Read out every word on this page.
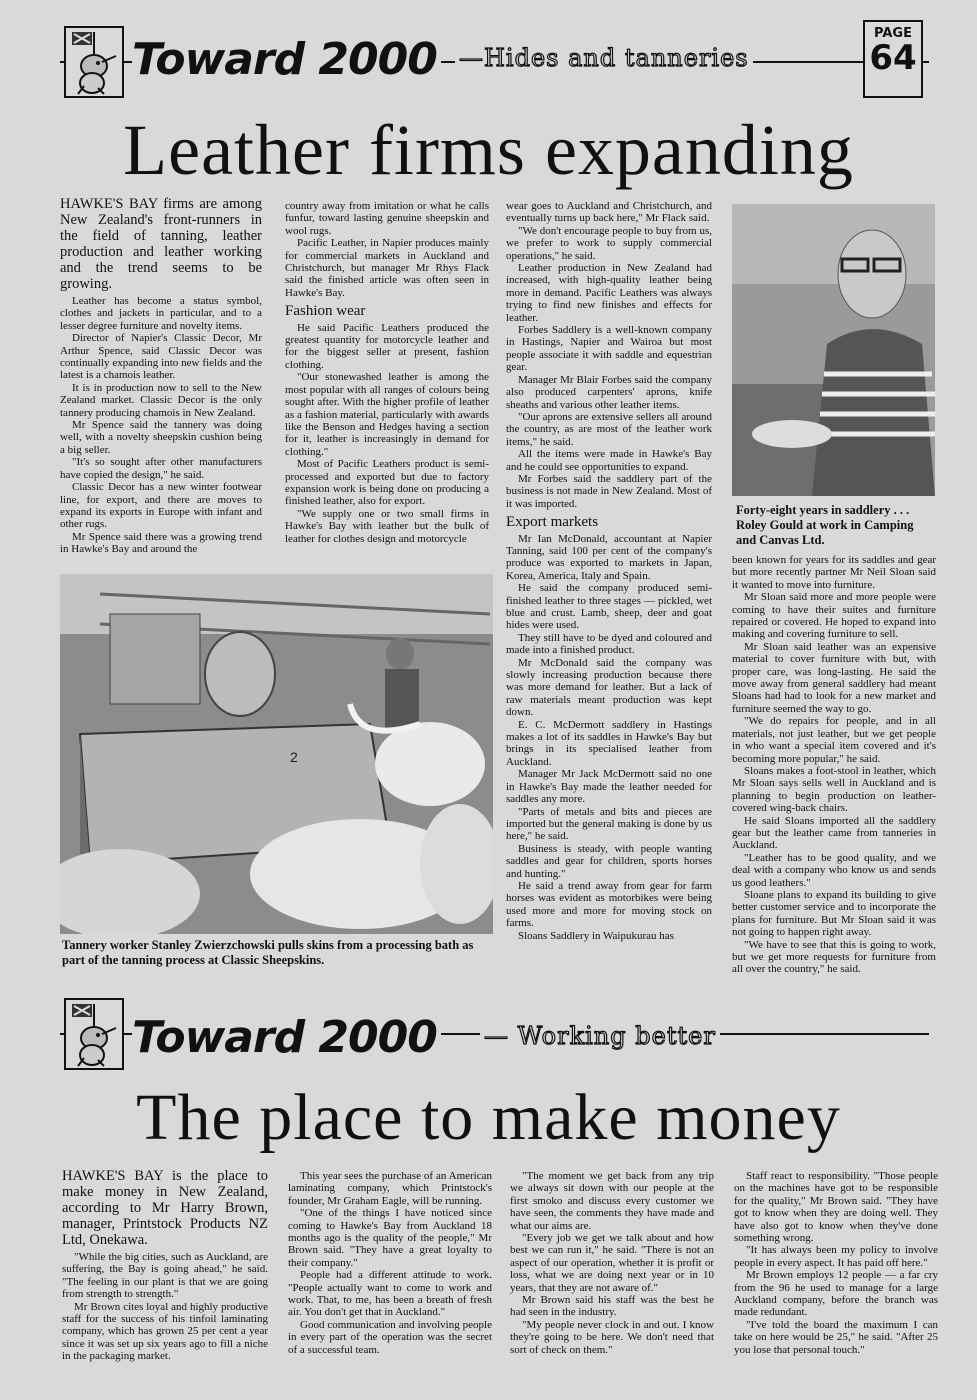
Toward 2000 —Hides and tanneries
PAGE
64
Leather firms expanding

HAWKE'S BAY firms are among New Zealand's front-runners in the field of tanning, leather production and leather working and the trend seems to be growing.

Leather has become a status symbol, clothes and jackets in particular, and to a lesser degree furniture and novelty items.

Director of Napier's Classic Decor, Mr Arthur Spence, said Classic Decor was continually expanding into new fields and the latest is a chamois leather.

It is in production now to sell to the New Zealand market. Classic Decor is the only tannery producing chamois in New Zealand.

Mr Spence said the tannery was doing well, with a novelty sheepskin cushion being a big seller.

"It's so sought after other manufacturers have copied the design," he said.

Classic Decor has a new winter footwear line, for export, and there are moves to expand its exports in Europe with infant and other rugs.

Mr Spence said there was a growing trend in Hawke's Bay and around the

country away from imitation or what he calls funfur, toward lasting genuine sheepskin and wool rugs.

Pacific Leather, in Napier produces mainly for commercial markets in Auckland and Christchurch, but manager Mr Rhys Flack said the finished article was often seen in Hawke's Bay.

Fashion wear

He said Pacific Leathers produced the greatest quantity for motorcycle leather and for the biggest seller at present, fashion clothing.

"Our stonewashed leather is among the most popular with all ranges of colours being sought after. With the higher profile of leather as a fashion material, particularly with awards like the Benson and Hedges having a section for it, leather is increasingly in demand for clothing."

Most of Pacific Leathers product is semi-processed and exported but due to factory expansion work is being done on producing a finished leather, also for export.

"We supply one or two small firms in Hawke's Bay with leather but the bulk of leather for clothes design and motorcycle

wear goes to Auckland and Christchurch, and eventually turns up back here," Mr Flack said.

"We don't encourage people to buy from us, we prefer to work to supply commercial operations," he said.

Leather production in New Zealand had increased, with high-quality leather being more in demand. Pacific Leathers was always trying to find new finishes and effects for leather.

Forbes Saddlery is a well-known company in Hastings, Napier and Wairoa but most people associate it with saddle and equestrian gear.

Manager Mr Blair Forbes said the company also produced carpenters' aprons, knife sheaths and various other leather items.

"Our aprons are extensive sellers all around the country, as are most of the leather work items," he said.

All the items were made in Hawke's Bay and he could see opportunities to expand.

Mr Forbes said the saddlery part of the business is not made in New Zealand. Most of it was imported.

Export markets

Mr Ian McDonald, accountant at Napier Tanning, said 100 per cent of the company's produce was exported to markets in Japan, Korea, America, Italy and Spain.

He said the company produced semi-finished leather to three stages — pickled, wet blue and crust. Lamb, sheep, deer and goat hides were used.

They still have to be dyed and coloured and made into a finished product.

Mr McDonald said the company was slowly increasing production because there was more demand for leather. But a lack of raw materials meant production was kept down.

E. C. McDermott saddlery in Hastings makes a lot of its saddles in Hawke's Bay but brings in its specialised leather from Auckland.

Manager Mr Jack McDermott said no one in Hawke's Bay made the leather needed for saddles any more.

"Parts of metals and bits and pieces are imported but the general making is done by us here," he said.

Business is steady, with people wanting saddles and gear for children, sports horses and hunting."

He said a trend away from gear for farm horses was evident as motorbikes were being used more and more for moving stock on farms.

Sloans Saddlery in Waipukurau has

Forty-eight years in saddlery . . . Roley Gould at work in Camping and Canvas Ltd.

been known for years for its saddles and gear but more recently partner Mr Neil Sloan said it wanted to move into furniture.

Mr Sloan said more and more people were coming to have their suites and furniture repaired or covered. He hoped to expand into making and covering furniture to sell.

Mr Sloan said leather was an expensive material to cover furniture with but, with proper care, was long-lasting. He said the move away from general saddlery had meant Sloans had had to look for a new market and furniture seemed the way to go.

"We do repairs for people, and in all materials, not just leather, but we get people in who want a special item covered and it's becoming more popular," he said.

Sloans makes a foot-stool in leather, which Mr Sloan says sells well in Auckland and is planning to begin production on leather-covered wing-back chairs.

He said Sloans imported all the saddlery gear but the leather came from tanneries in Auckland.

"Leather has to be good quality, and we deal with a company who know us and sends us good leathers."

Sloane plans to expand its building to give better customer service and to incorporate the plans for furniture. But Mr Sloan said it was not going to happen right away.

"We have to see that this is going to work, but we get more requests for furniture from all over the country," he said.

2
Tannery worker Stanley Zwierzchowski pulls skins from a processing bath as part of the tanning process at Classic Sheepskins.
Toward 2000 — Working better
The place to make money

HAWKE'S BAY is the place to make money in New Zealand, according to Mr Harry Brown, manager, Printstock Products NZ Ltd, Onekawa.

"While the big cities, such as Auckland, are suffering, the Bay is going ahead," he said. "The feeling in our plant is that we are going from strength to strength."

Mr Brown cites loyal and highly productive staff for the success of his tinfoil laminating company, which has grown 25 per cent a year since it was set up six years ago to fill a niche in the packaging market.

This year sees the purchase of an American laminating company, which Printstock's founder, Mr Graham Eagle, will be running.

"One of the things I have noticed since coming to Hawke's Bay from Auckland 18 months ago is the quality of the people," Mr Brown said. "They have a great loyalty to their company."

People had a different attitude to work. "People actually want to come to work and work. That, to me, has been a breath of fresh air. You don't get that in Auckland."

Good communication and involving people in every part of the operation was the secret of a successful team.

"The moment we get back from any trip we always sit down with our people at the first smoko and discuss every customer we have seen, the comments they have made and what our aims are.

"Every job we get we talk about and how best we can run it," he said. "There is not an aspect of our operation, whether it is profit or loss, what we are doing next year or in 10 years, that they are not aware of."

Mr Brown said his staff was the best he had seen in the industry.

"My people never clock in and out. I know they're going to be here. We don't need that sort of check on them."

Staff react to responsibility. "Those people on the machines have got to be responsible for the quality," Mr Brown said. "They have got to know when they are doing well. They have also got to know when they've done something wrong.

"It has always been my policy to involve people in every aspect. It has paid off here."

Mr Brown employs 12 people — a far cry from the 96 he used to manage for a large Auckland company, before the branch was made redundant.

"I've told the board the maximum I can take on here would be 25," he said. "After 25 you lose that personal touch."
